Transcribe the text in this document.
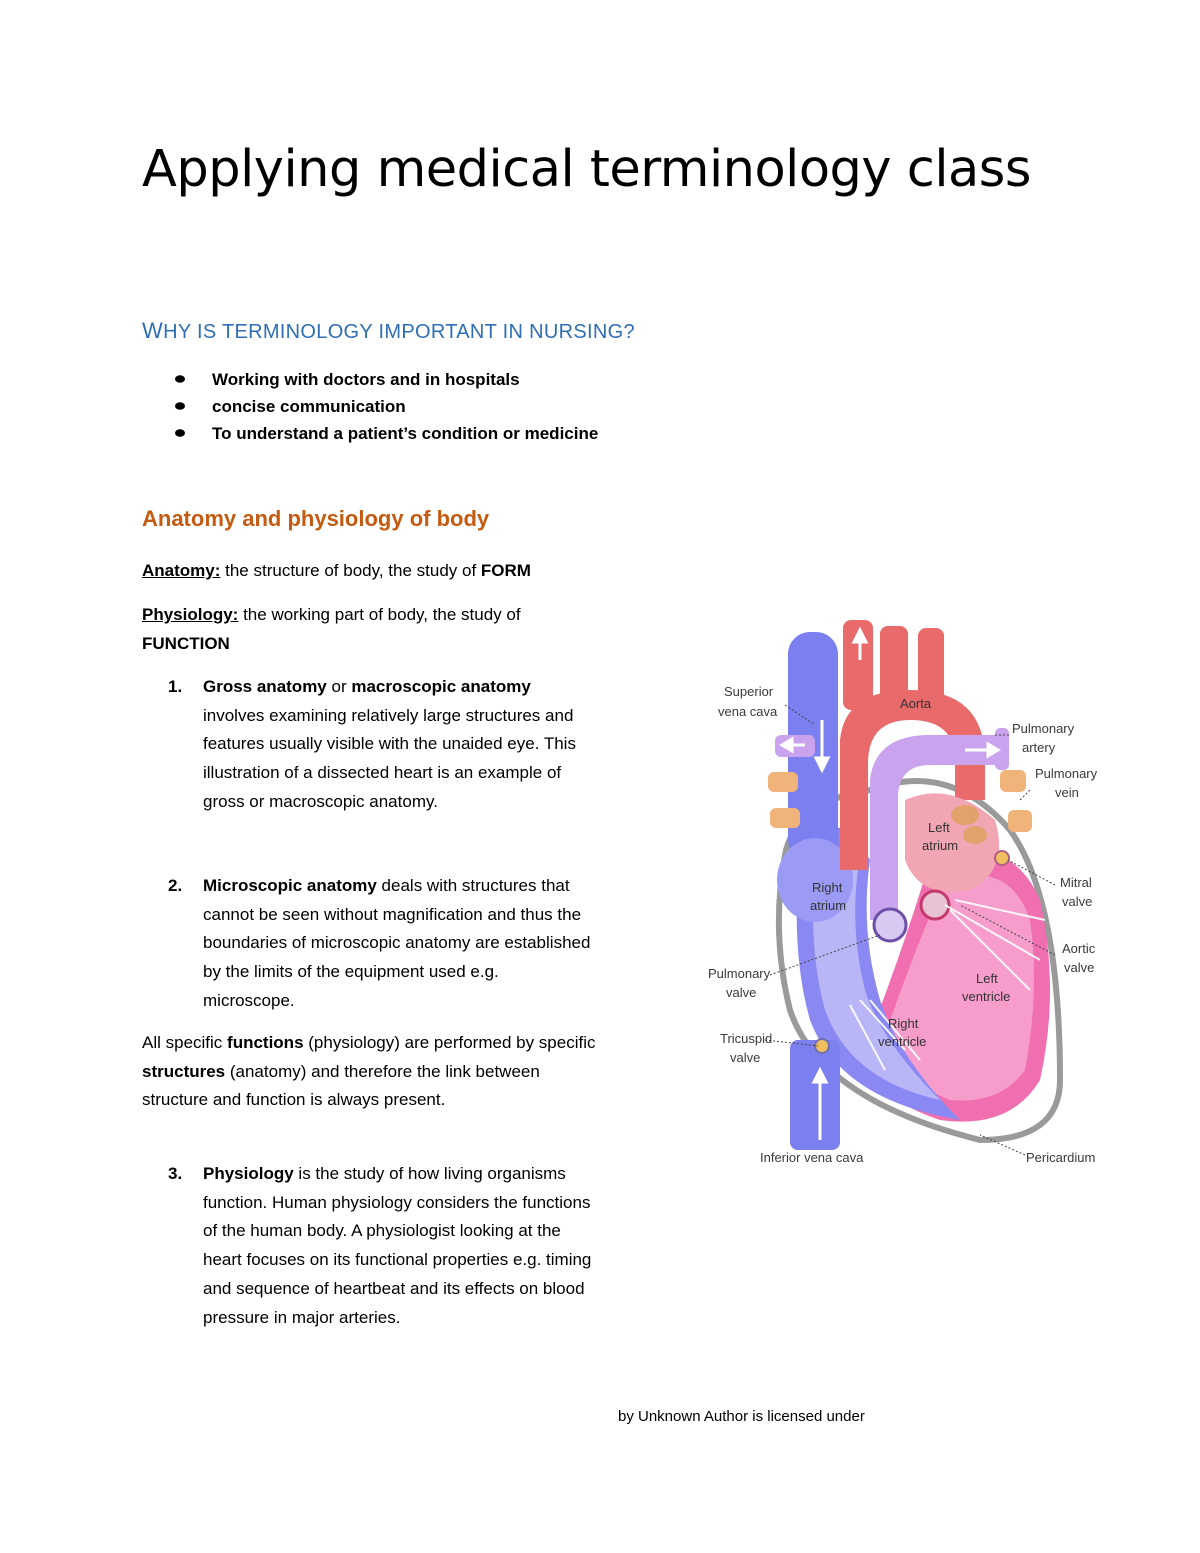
Applying medical terminology class
WHY IS TERMINOLOGY IMPORTANT IN NURSING?
Working with doctors and in hospitals
concise communication
To understand a patient’s condition or medicine
Anatomy and physiology of body

Anatomy: the structure of body, the study of FORM

Physiology: the working part of body, the study of FUNCTION

1. Gross anatomy or macroscopic anatomy involves examining relatively large structures and features usually visible with the unaided eye. This illustration of a dissected heart is an example of gross or macroscopic anatomy.
2. Microscopic anatomy deals with structures that cannot be seen without magnification and thus the boundaries of microscopic anatomy are established by the limits of the equipment used e.g. microscope.

All specific functions (physiology) are performed by specific structures (anatomy) and therefore the link between structure and function is always present.

3. Physiology is the study of how living organisms function. Human physiology considers the functions of the human body. A physiologist looking at the heart focuses on its functional properties e.g. timing and sequence of heartbeat and its effects on blood pressure in major arteries.
Superior
vena cava
Aorta
Pulmonary
artery
Pulmonary
vein
Left
atrium
Right
atrium
Mitral
valve
Aortic
valve
Pulmonary
valve
Left
ventricle
Tricuspid
valve
Right
ventricle
Inferior vena cava	Pericardium

by Unknown Author is licensed under
